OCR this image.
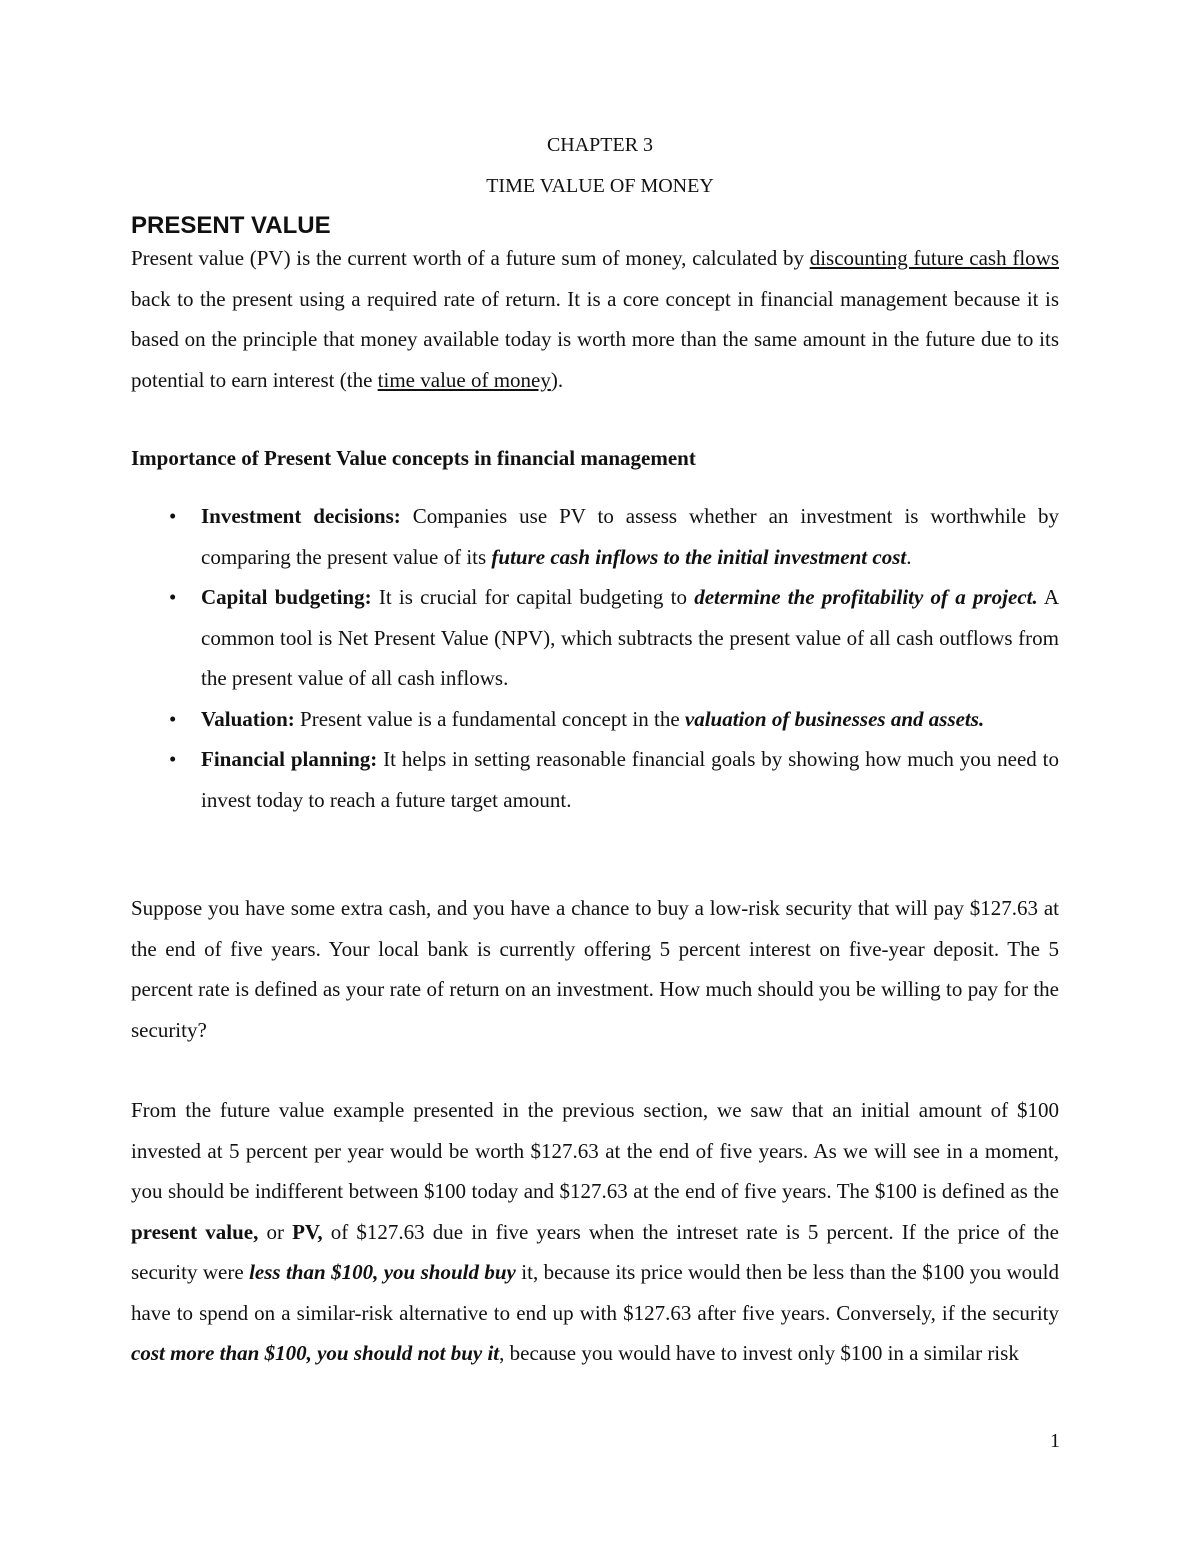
CHAPTER 3
TIME VALUE OF MONEY
PRESENT VALUE

Present value (PV) is the current worth of a future sum of money, calculated by discounting future cash flows back to the present using a required rate of return. It is a core concept in financial management because it is based on the principle that money available today is worth more than the same amount in the future due to its potential to earn interest (the time value of money).

Importance of Present Value concepts in financial management

• Investment decisions: Companies use PV to assess whether an investment is worthwhile by comparing the present value of its future cash inflows to the initial investment cost.
• Capital budgeting: It is crucial for capital budgeting to determine the profitability of a project. A common tool is Net Present Value (NPV), which subtracts the present value of all cash outflows from the present value of all cash inflows.
• Valuation: Present value is a fundamental concept in the valuation of businesses and assets.
• Financial planning: It helps in setting reasonable financial goals by showing how much you need to invest today to reach a future target amount.

Suppose you have some extra cash, and you have a chance to buy a low-risk security that will pay $127.63 at the end of five years. Your local bank is currently offering 5 percent interest on five-year deposit. The 5 percent rate is defined as your rate of return on an investment. How much should you be willing to pay for the security?

From the future value example presented in the previous section, we saw that an initial amount of $100 invested at 5 percent per year would be worth $127.63 at the end of five years. As we will see in a moment, you should be indifferent between $100 today and $127.63 at the end of five years. The $100 is defined as the present value, or PV, of $127.63 due in five years when the intreset rate is 5 percent. If the price of the security were less than $100, you should buy it, because its price would then be less than the $100 you would have to spend on a similar-risk alternative to end up with $127.63 after five years. Conversely, if the security cost more than $100, you should not buy it, because you would have to invest only $100 in a similar risk

1
